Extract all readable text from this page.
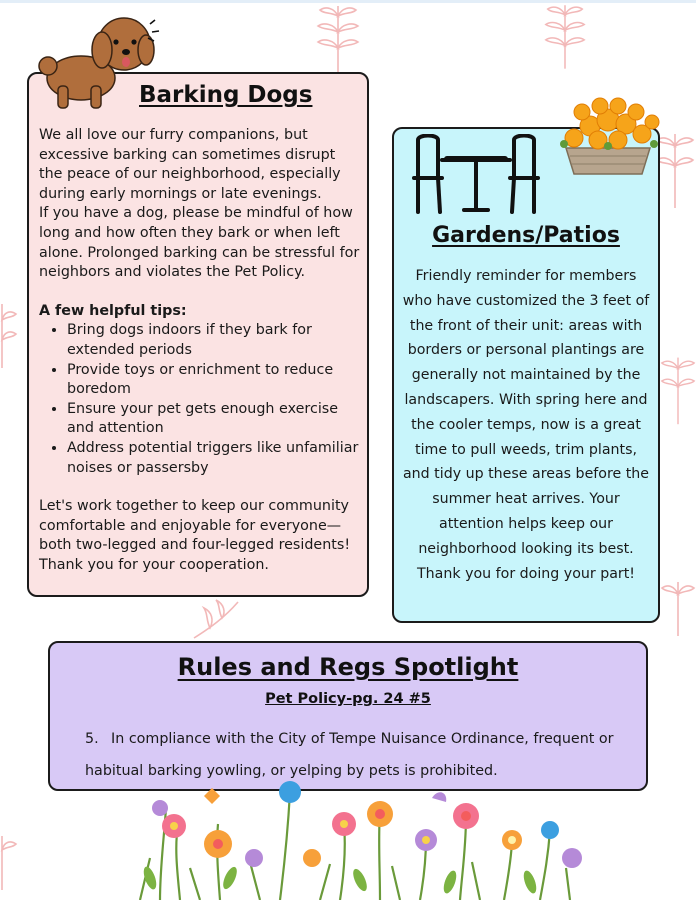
Barking Dogs

We all love our furry companions, but excessive barking can sometimes disrupt the peace of our neighborhood, especially during early mornings or late evenings.

If you have a dog, please be mindful of how long and how often they bark or when left alone. Prolonged barking can be stressful for neighbors and violates the Pet Policy.

A few helpful tips:

• Bring dogs indoors if they bark for extended periods
• Provide toys or enrichment to reduce boredom
• Ensure your pet gets enough exercise and attention
• Address potential triggers like unfamiliar noises or passersby

Let's work together to keep our community comfortable and enjoyable for everyone—both two-legged and four-legged residents! Thank you for your cooperation.

Gardens/Patios

Friendly reminder for members who have customized the 3 feet of the front of their unit: areas with borders or personal plantings are generally not maintained by the landscapers. With spring here and the cooler temps, now is a great time to pull weeds, trim plants, and tidy up these areas before the summer heat arrives. Your attention helps keep our neighborhood looking its best. Thank you for doing your part!

Rules and Regs Spotlight

Pet Policy-pg. 24 #5

5. In compliance with the City of Tempe Nuisance Ordinance, frequent or habitual barking yowling, or yelping by pets is prohibited.
